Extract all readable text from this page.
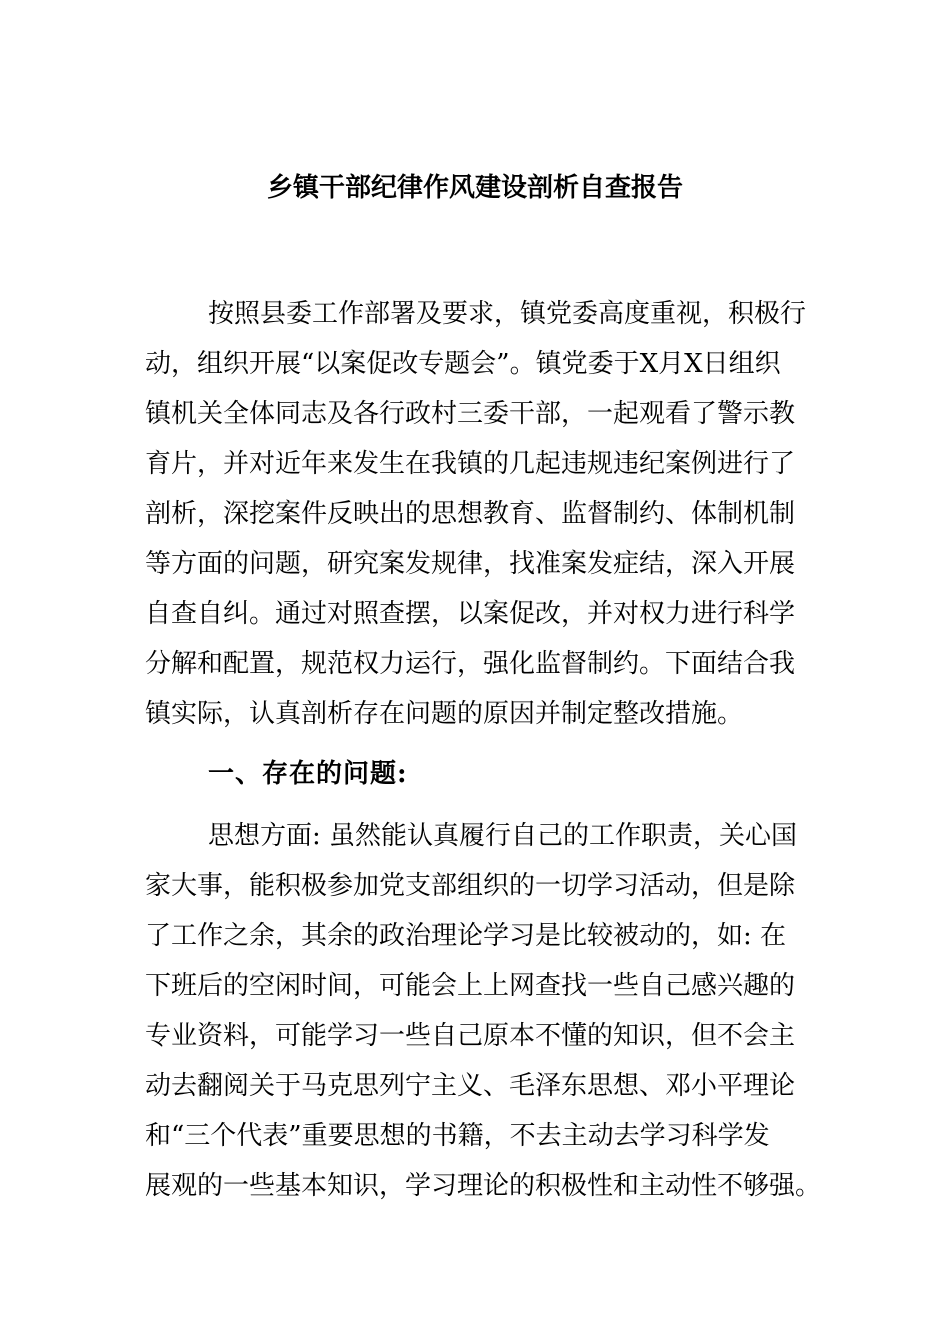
乡镇干部纪律作风建设剖析自查报告

按照县委工作部署及要求，镇党委高度重视，积极行

动，组织开展“以案促改专题会”。镇党委于X月X日组织

镇机关全体同志及各行政村三委干部，一起观看了警示教

育片，并对近年来发生在我镇的几起违规违纪案例进行了

剖析，深挖案件反映出的思想教育、监督制约、体制机制

等方面的问题，研究案发规律，找准案发症结，深入开展

自查自纠。通过对照查摆，以案促改，并对权力进行科学

分解和配置，规范权力运行，强化监督制约。下面结合我

镇实际，认真剖析存在问题的原因并制定整改措施。

一、存在的问题:

思想方面: 虽然能认真履行自己的工作职责，关心国

家大事，能积极参加党支部组织的一切学习活动，但是除

了工作之余，其余的政治理论学习是比较被动的，如: 在

下班后的空闲时间，可能会上上网查找一些自己感兴趣的

专业资料，可能学习一些自己原本不懂的知识，但不会主

动去翻阅关于马克思列宁主义、毛泽东思想、邓小平理论

和“三个代表”重要思想的书籍，不去主动去学习科学发

展观的一些基本知识，学习理论的积极性和主动性不够强。
